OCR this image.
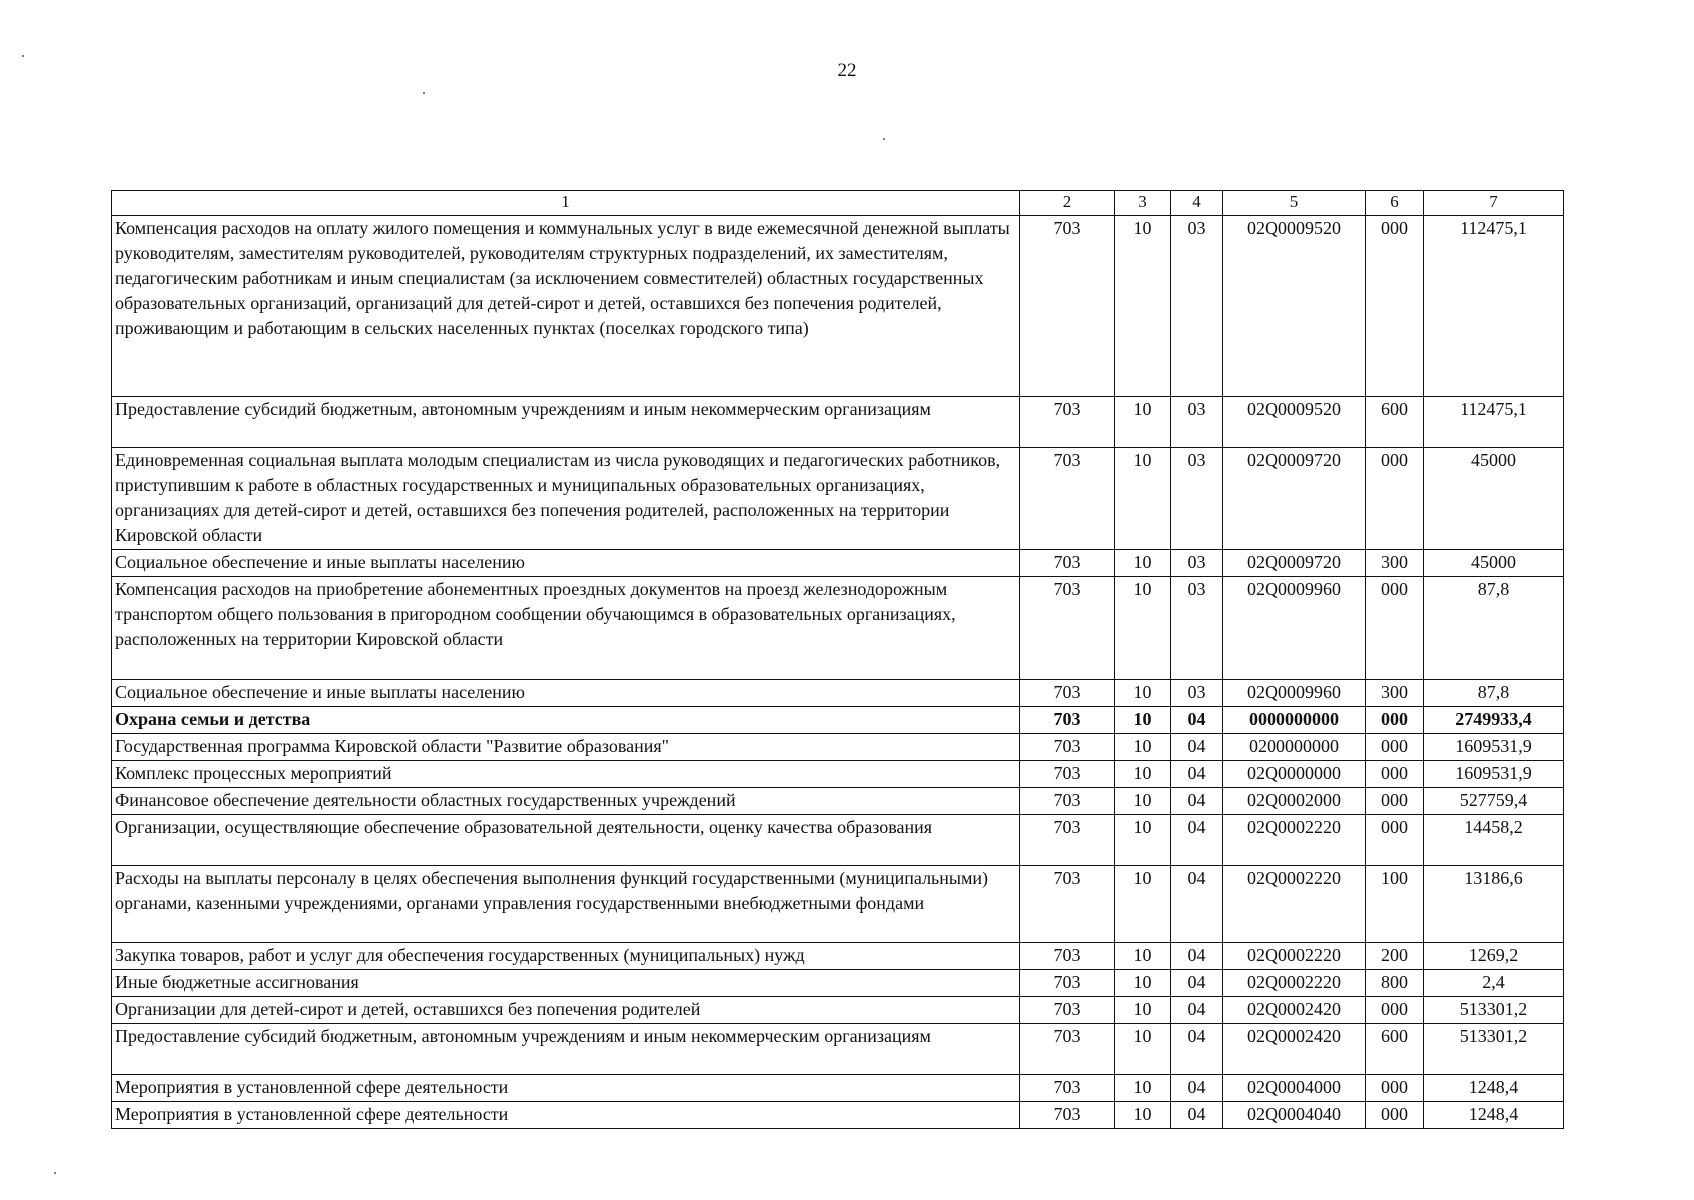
22
1	2	3	4	5	6	7
Компенсация расходов на оплату жилого помещения и коммунальных услуг в виде ежемесячной денежной выплаты руководителям, заместителям руководителей, руководителям структурных подразделений, их заместителям, педагогическим работникам и иным специалистам (за исключением совместителей) областных государственных образовательных организаций, организаций для детей-сирот и детей, оставшихся без попечения родителей, проживающим и работающим в сельских населенных пунктах (поселках городского типа)	703	10	03	02Q0009520	000	112475,1
Предоставление субсидий бюджетным, автономным учреждениям и иным некоммерческим организациям	703	10	03	02Q0009520	600	112475,1
Единовременная социальная выплата молодым специалистам из числа руководящих и педагогических работников, приступившим к работе в областных государственных и муниципальных образовательных организациях, организациях для детей-сирот и детей, оставшихся без попечения родителей, расположенных на территории Кировской области	703	10	03	02Q0009720	000	45000
Социальное обеспечение и иные выплаты населению	703	10	03	02Q0009720	300	45000
Компенсация расходов на приобретение абонементных проездных документов на проезд железнодорожным транспортом общего пользования в пригородном сообщении обучающимся в образовательных организациях, расположенных на территории Кировской области	703	10	03	02Q0009960	000	87,8
Социальное обеспечение и иные выплаты населению	703	10	03	02Q0009960	300	87,8
Охрана семьи и детства	703	10	04	0000000000	000	2749933,4
Государственная программа Кировской области "Развитие образования"	703	10	04	0200000000	000	1609531,9
Комплекс процессных мероприятий	703	10	04	02Q0000000	000	1609531,9
Финансовое обеспечение деятельности областных государственных учреждений	703	10	04	02Q0002000	000	527759,4
Организации, осуществляющие обеспечение образовательной деятельности, оценку качества образования	703	10	04	02Q0002220	000	14458,2
Расходы на выплаты персоналу в целях обеспечения выполнения функций государственными (муниципальными) органами, казенными учреждениями, органами управления государственными внебюджетными фондами	703	10	04	02Q0002220	100	13186,6
Закупка товаров, работ и услуг для обеспечения государственных (муниципальных) нужд	703	10	04	02Q0002220	200	1269,2
Иные бюджетные ассигнования	703	10	04	02Q0002220	800	2,4
Организации для детей-сирот и детей, оставшихся без попечения родителей	703	10	04	02Q0002420	000	513301,2
Предоставление субсидий бюджетным, автономным учреждениям и иным некоммерческим организациям	703	10	04	02Q0002420	600	513301,2
Мероприятия в установленной сфере деятельности	703	10	04	02Q0004000	000	1248,4
Мероприятия в установленной сфере деятельности	703	10	04	02Q0004040	000	1248,4
